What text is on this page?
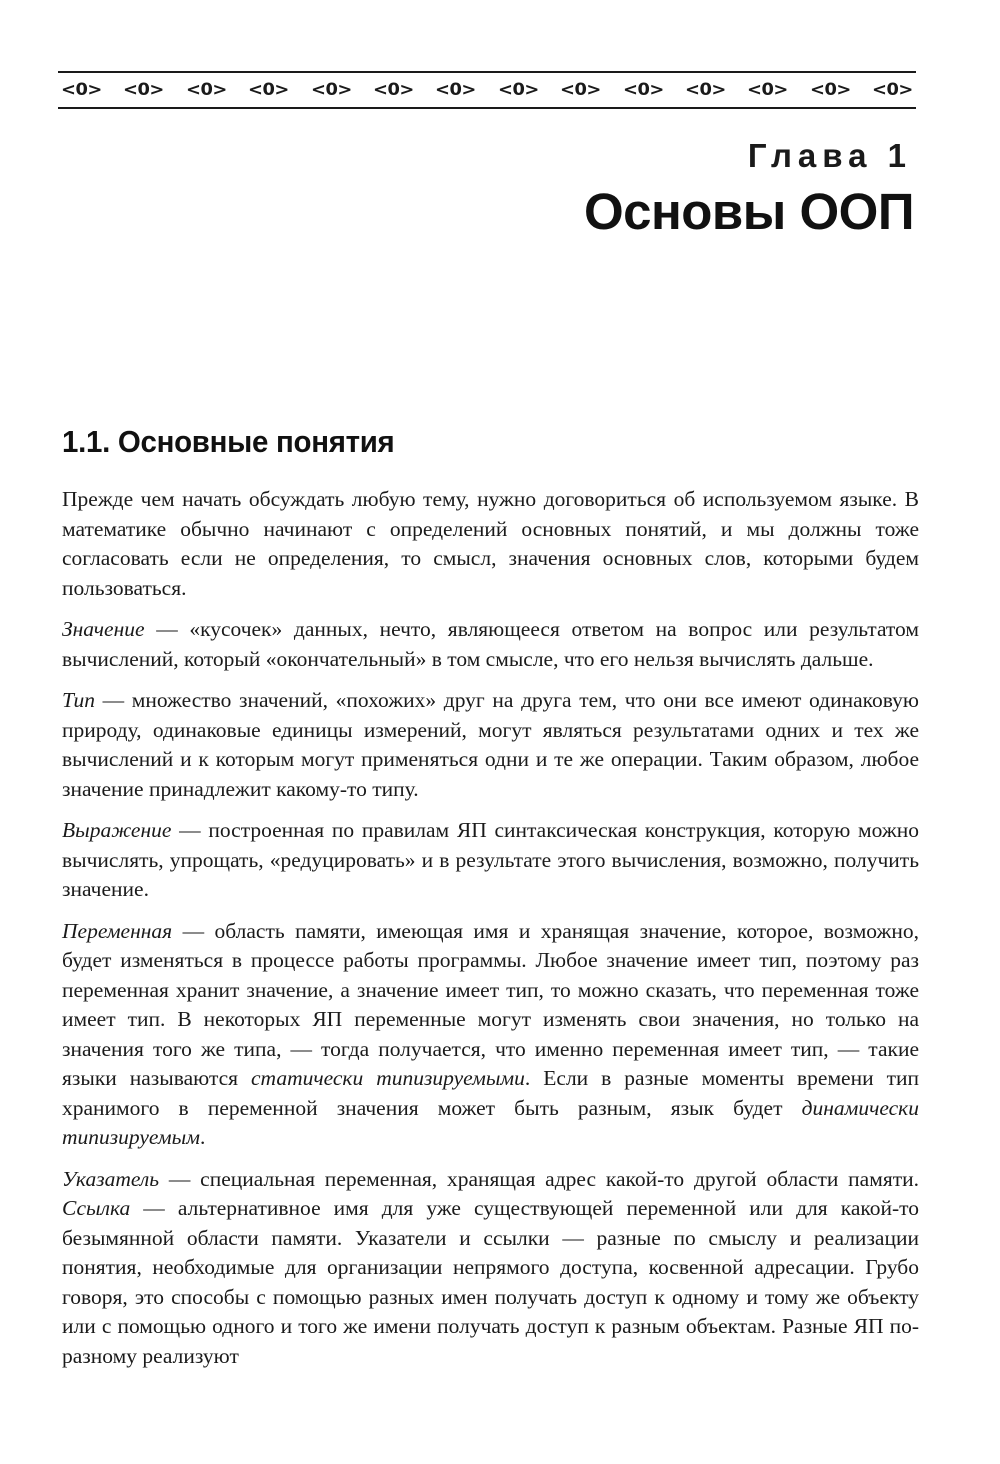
<0> <0> <0> <0> <0> <0> <0> <0> <0> <0> <0> <0> <0> <0>
Глава 1
Основы ООП
1.1. Основные понятия

Прежде чем начать обсуждать любую тему, нужно договориться об используемом языке. В математике обычно начинают с определений основных понятий, и мы должны тоже согласовать если не определения, то смысл, значения основных слов, которыми будем пользоваться.

Значение — «кусочек» данных, нечто, являющееся ответом на вопрос или результатом вычислений, который «окончательный» в том смысле, что его нельзя вычислять дальше.

Тип — множество значений, «похожих» друг на друга тем, что они все имеют одинаковую природу, одинаковые единицы измерений, могут являться результатами одних и тех же вычислений и к которым могут применяться одни и те же операции. Таким образом, любое значение принадлежит какому-то типу.

Выражение — построенная по правилам ЯП синтаксическая конструкция, которую можно вычислять, упрощать, «редуцировать» и в результате этого вычисления, возможно, получить значение.

Переменная — область памяти, имеющая имя и хранящая значение, которое, возможно, будет изменяться в процессе работы программы. Любое значение имеет тип, поэтому раз переменная хранит значение, а значение имеет тип, то можно сказать, что переменная тоже имеет тип. В некоторых ЯП переменные могут изменять свои значения, но только на значения того же типа, — тогда получается, что именно переменная имеет тип, — такие языки называются статически типизируемыми. Если в разные моменты времени тип хранимого в переменной значения может быть разным, язык будет динамически типизируемым.

Указатель — специальная переменная, хранящая адрес какой-то другой области памяти. Ссылка — альтернативное имя для уже существующей переменной или для какой-то безымянной области памяти. Указатели и ссылки — разные по смыслу и реализации понятия, необходимые для организации непрямого доступа, косвенной адресации. Грубо говоря, это способы с помощью разных имен получать доступ к одному и тому же объекту или с помощью одного и того же имени получать доступ к разным объектам. Разные ЯП по-разному реализуют
